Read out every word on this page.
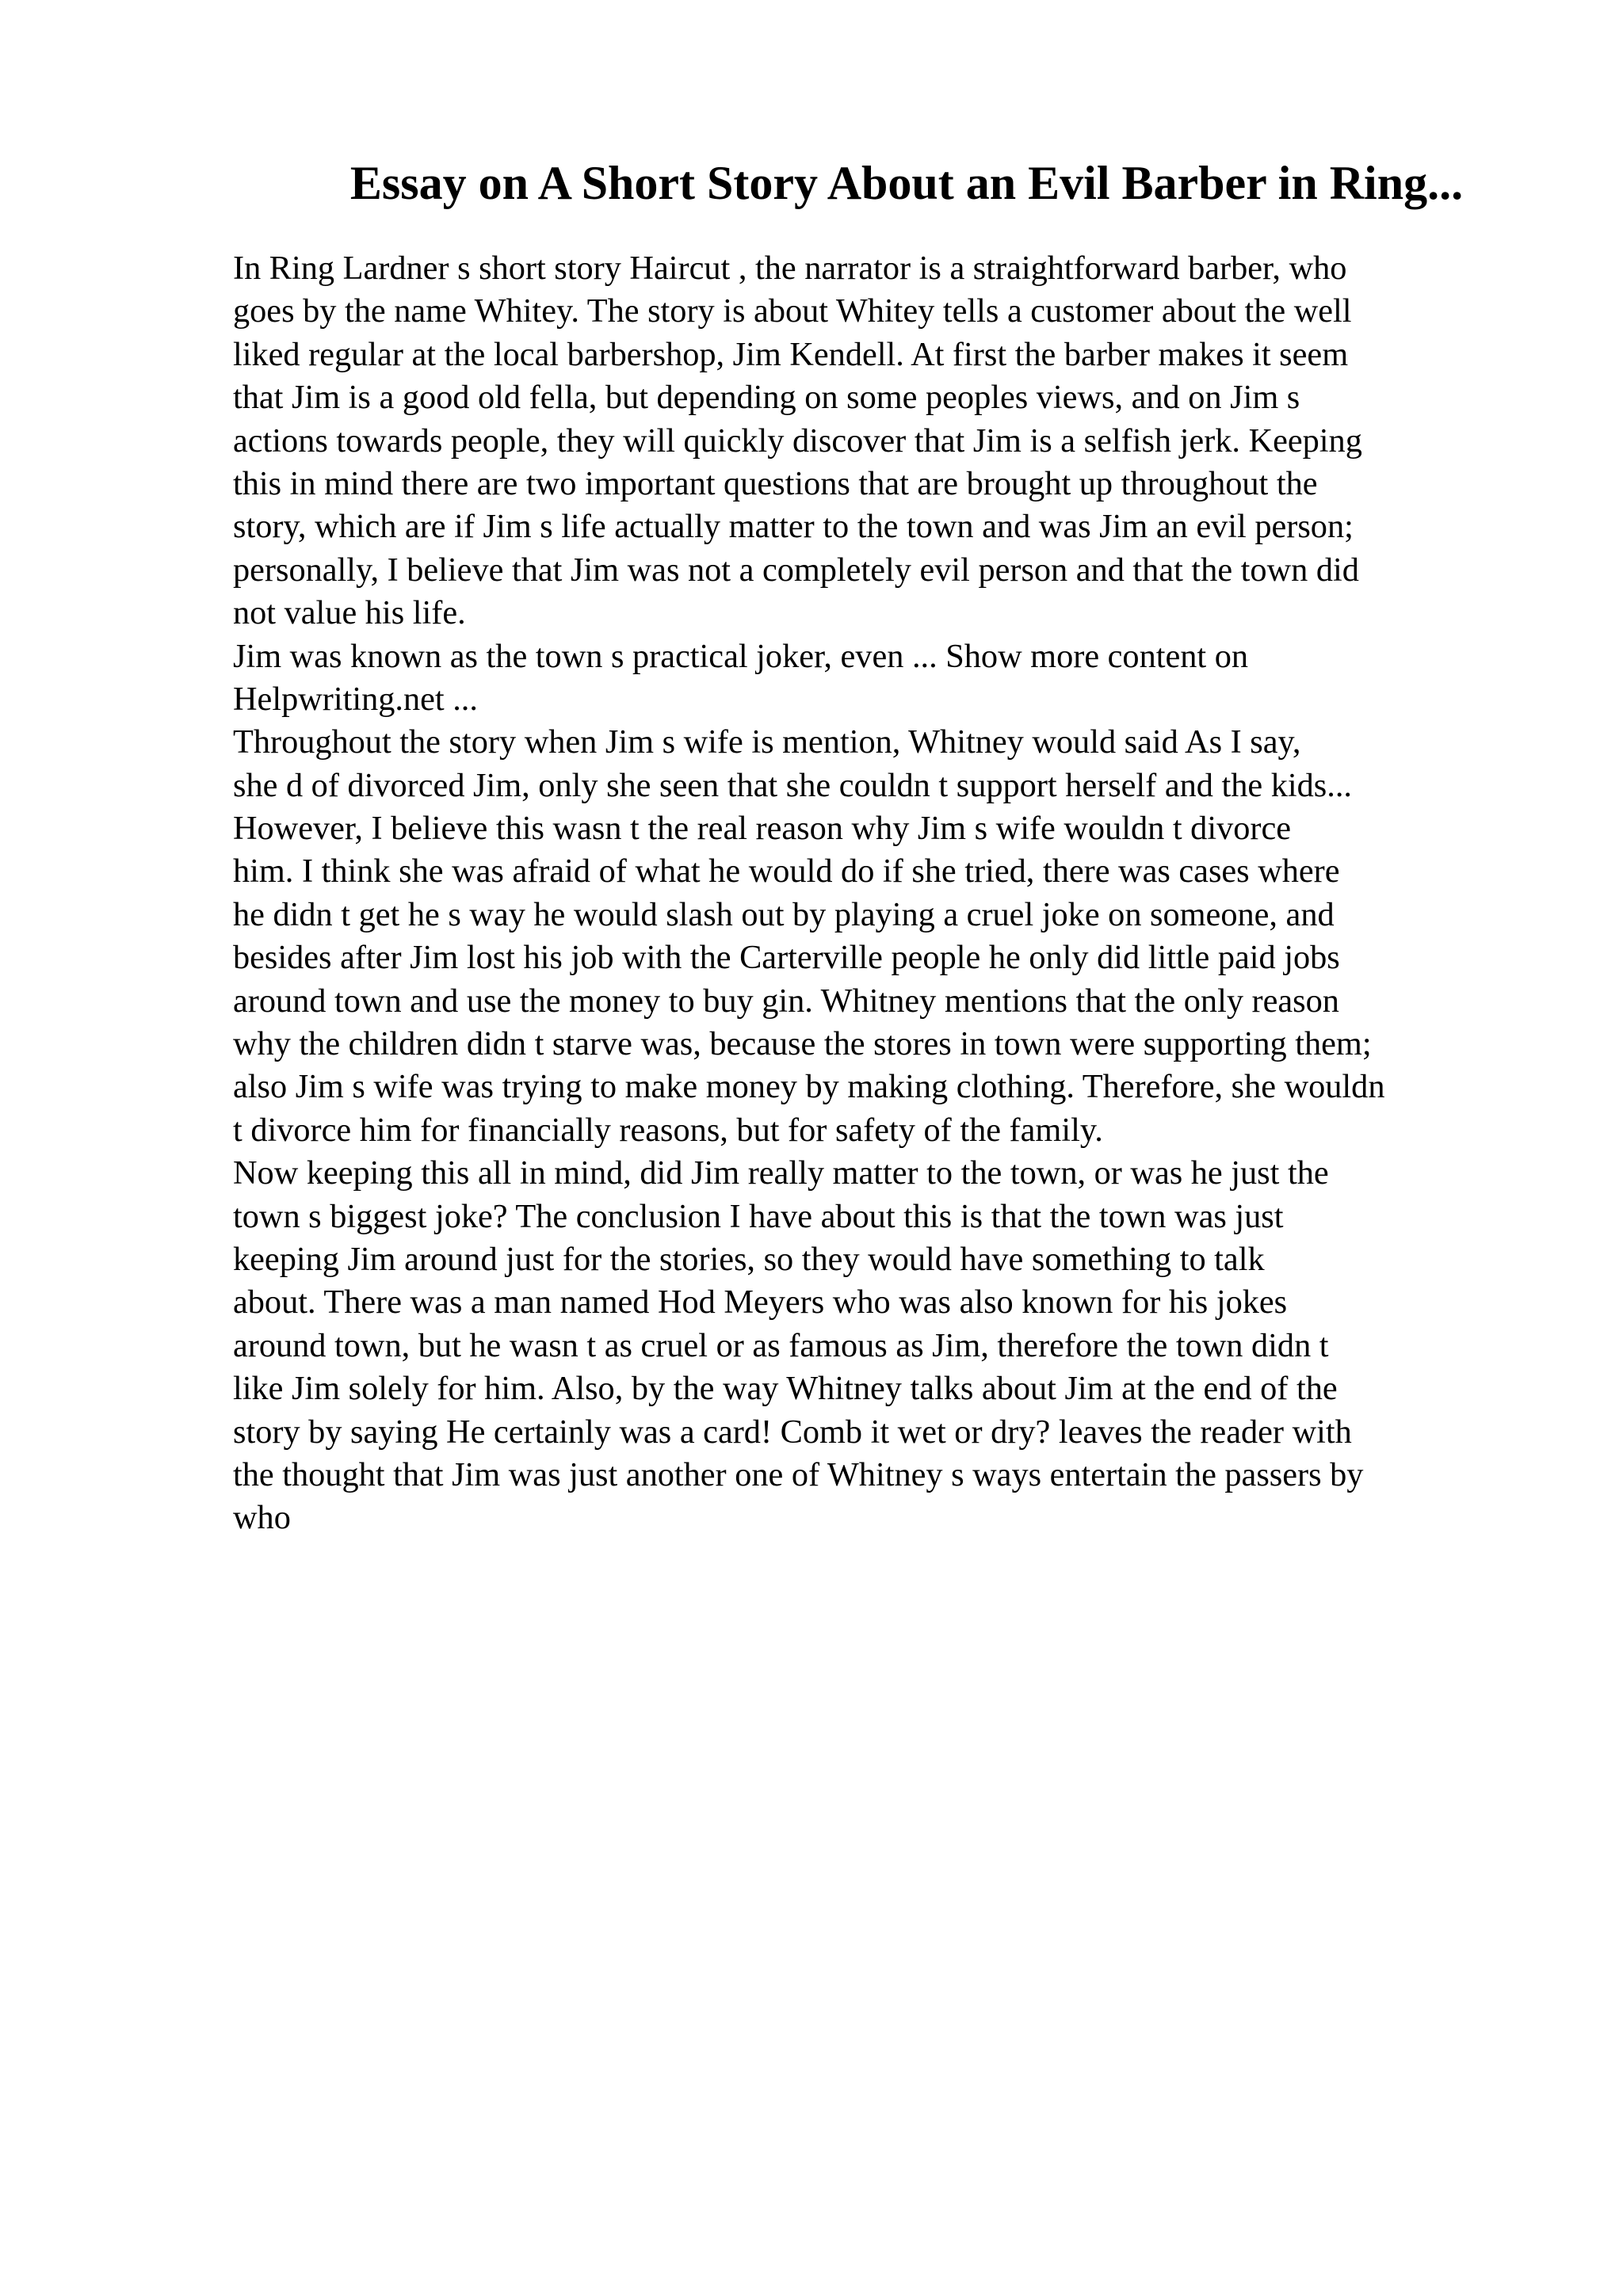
Essay on A Short Story About an Evil Barber in Ring...
In Ring Lardner s short story Haircut , the narrator is a straightforward barber, who
goes by the name Whitey. The story is about Whitey tells a customer about the well
liked regular at the local barbershop, Jim Kendell. At first the barber makes it seem
that Jim is a good old fella, but depending on some peoples views, and on Jim s
actions towards people, they will quickly discover that Jim is a selfish jerk. Keeping
this in mind there are two important questions that are brought up throughout the
story, which are if Jim s life actually matter to the town and was Jim an evil person;
personally, I believe that Jim was not a completely evil person and that the town did
not value his life.
Jim was known as the town s practical joker, even ... Show more content on
Helpwriting.net ...
Throughout the story when Jim s wife is mention, Whitney would said As I say,
she d of divorced Jim, only she seen that she couldn t support herself and the kids...
However, I believe this wasn t the real reason why Jim s wife wouldn t divorce
him. I think she was afraid of what he would do if she tried, there was cases where
he didn t get he s way he would slash out by playing a cruel joke on someone, and
besides after Jim lost his job with the Carterville people he only did little paid jobs
around town and use the money to buy gin. Whitney mentions that the only reason
why the children didn t starve was, because the stores in town were supporting them;
also Jim s wife was trying to make money by making clothing. Therefore, she wouldn
t divorce him for financially reasons, but for safety of the family.
Now keeping this all in mind, did Jim really matter to the town, or was he just the
town s biggest joke? The conclusion I have about this is that the town was just
keeping Jim around just for the stories, so they would have something to talk
about. There was a man named Hod Meyers who was also known for his jokes
around town, but he wasn t as cruel or as famous as Jim, therefore the town didn t
like Jim solely for him. Also, by the way Whitney talks about Jim at the end of the
story by saying He certainly was a card! Comb it wet or dry? leaves the reader with
the thought that Jim was just another one of Whitney s ways entertain the passers by
who
